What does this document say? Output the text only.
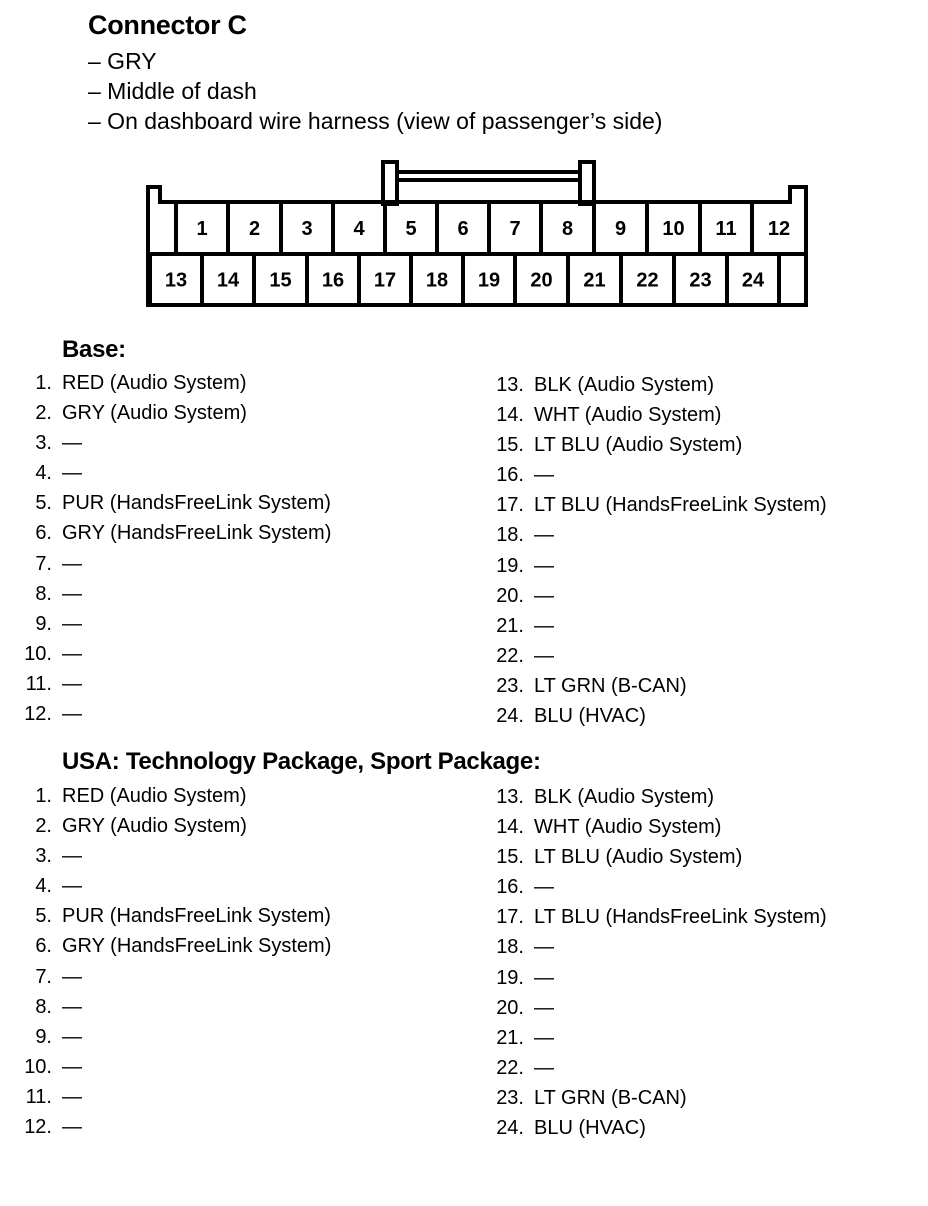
Connector C
– GRY
– Middle of dash
– On dashboard wire harness (view of passenger’s side)
1 2 3 4 5 6 7 8 9 10 11 12
13 14 15 16 17 18 19 20 21 22 23 24
Base:
1. RED (Audio System)
2. GRY (Audio System)
3. —
4. —
5. PUR (HandsFreeLink System)
6. GRY (HandsFreeLink System)
7. —
8. —
9. —
10. —
11. —
12. —
13. BLK (Audio System)
14. WHT (Audio System)
15. LT BLU (Audio System)
16. —
17. LT BLU (HandsFreeLink System)
18. —
19. —
20. —
21. —
22. —
23. LT GRN (B-CAN)
24. BLU (HVAC)
USA: Technology Package, Sport Package:
1. RED (Audio System)
2. GRY (Audio System)
3. —
4. —
5. PUR (HandsFreeLink System)
6. GRY (HandsFreeLink System)
7. —
8. —
9. —
10. —
11. —
12. —
13. BLK (Audio System)
14. WHT (Audio System)
15. LT BLU (Audio System)
16. —
17. LT BLU (HandsFreeLink System)
18. —
19. —
20. —
21. —
22. —
23. LT GRN (B-CAN)
24. BLU (HVAC)
